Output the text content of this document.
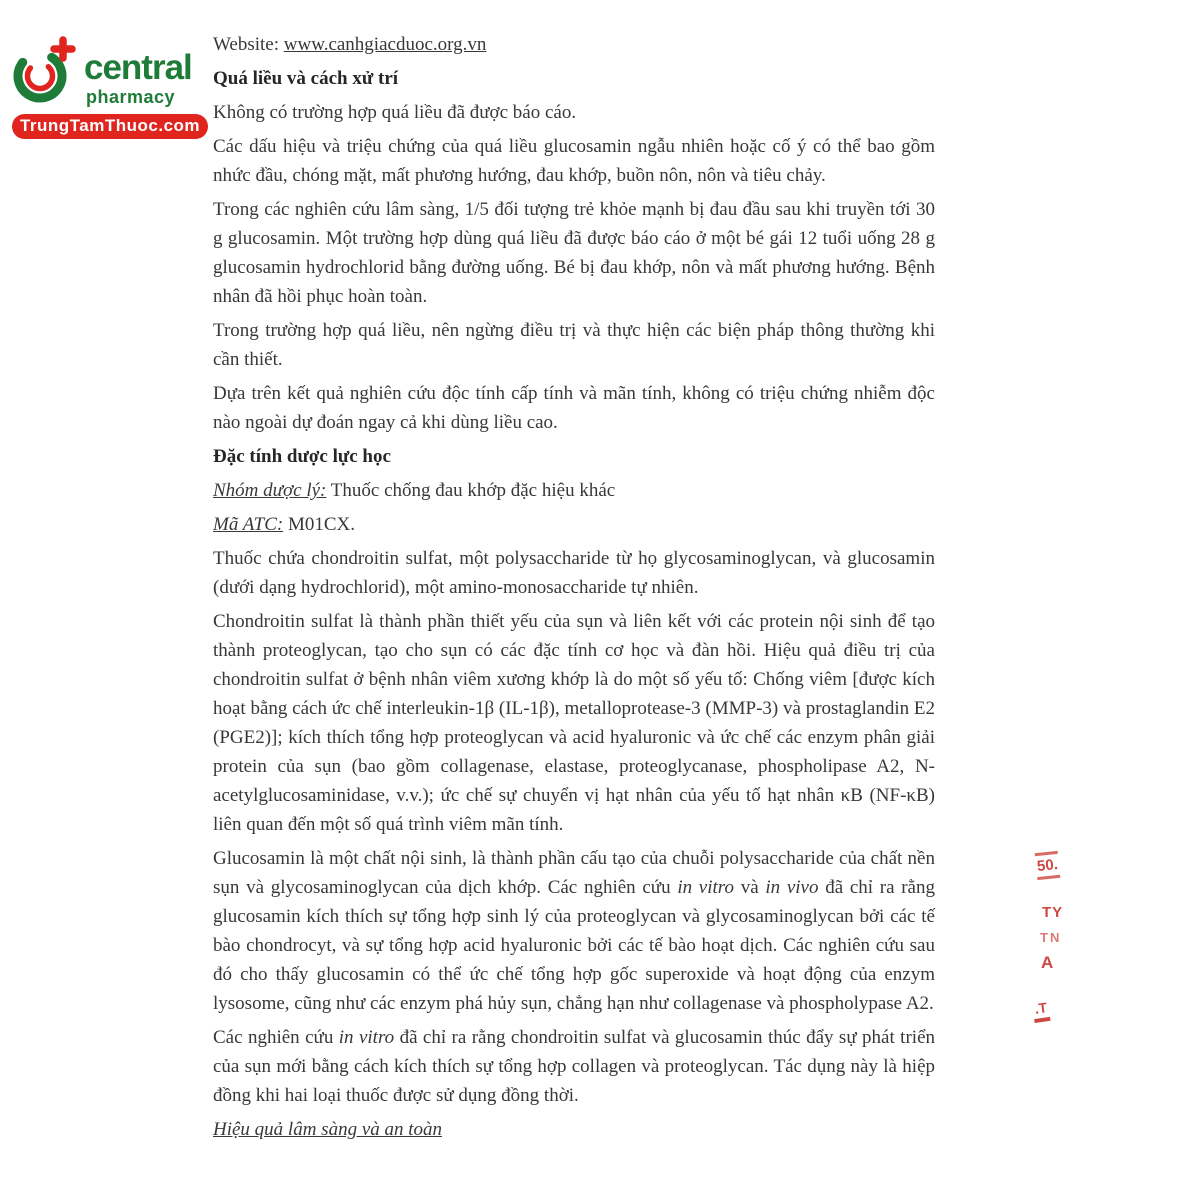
central
pharmacy
TrungTamThuoc.com

Website: www.canhgiacduoc.org.vn

Quá liều và cách xử trí

Không có trường hợp quá liều đã được báo cáo.

Các dấu hiệu và triệu chứng của quá liều glucosamin ngẫu nhiên hoặc cố ý có thể bao gồm nhức đầu, chóng mặt, mất phương hướng, đau khớp, buồn nôn, nôn và tiêu chảy.

Trong các nghiên cứu lâm sàng, 1/5 đối tượng trẻ khỏe mạnh bị đau đầu sau khi truyền tới 30 g glucosamin. Một trường hợp dùng quá liều đã được báo cáo ở một bé gái 12 tuổi uống 28 g glucosamin hydrochlorid bằng đường uống. Bé bị đau khớp, nôn và mất phương hướng. Bệnh nhân đã hồi phục hoàn toàn.

Trong trường hợp quá liều, nên ngừng điều trị và thực hiện các biện pháp thông thường khi cần thiết.

Dựa trên kết quả nghiên cứu độc tính cấp tính và mãn tính, không có triệu chứng nhiễm độc nào ngoài dự đoán ngay cả khi dùng liều cao.

Đặc tính dược lực học

Nhóm dược lý: Thuốc chống đau khớp đặc hiệu khác

Mã ATC: M01CX.

Thuốc chứa chondroitin sulfat, một polysaccharide từ họ glycosaminoglycan, và glucosamin (dưới dạng hydrochlorid), một amino-monosaccharide tự nhiên.

Chondroitin sulfat là thành phần thiết yếu của sụn và liên kết với các protein nội sinh để tạo thành proteoglycan, tạo cho sụn có các đặc tính cơ học và đàn hồi. Hiệu quả điều trị của chondroitin sulfat ở bệnh nhân viêm xương khớp là do một số yếu tố: Chống viêm [được kích hoạt bằng cách ức chế interleukin-1β (IL-1β), metalloprotease-3 (MMP-3) và prostaglandin E2 (PGE2)]; kích thích tổng hợp proteoglycan và acid hyaluronic và ức chế các enzym phân giải protein của sụn (bao gồm collagenase, elastase, proteoglycanase, phospholipase A2, N-acetylglucosaminidase, v.v.); ức chế sự chuyển vị hạt nhân của yếu tố hạt nhân κB (NF-κB) liên quan đến một số quá trình viêm mãn tính.

Glucosamin là một chất nội sinh, là thành phần cấu tạo của chuỗi polysaccharide của chất nền sụn và glycosaminoglycan của dịch khớp. Các nghiên cứu in vitro và in vivo đã chỉ ra rằng glucosamin kích thích sự tổng hợp sinh lý của proteoglycan và glycosaminoglycan bởi các tế bào chondrocyt, và sự tổng hợp acid hyaluronic bởi các tế bào hoạt dịch. Các nghiên cứu sau đó cho thấy glucosamin có thể ức chế tổng hợp gốc superoxide và hoạt động của enzym lysosome, cũng như các enzym phá hủy sụn, chẳng hạn như collagenase và phospholypase A2.

Các nghiên cứu in vitro đã chỉ ra rằng chondroitin sulfat và glucosamin thúc đẩy sự phát triển của sụn mới bằng cách kích thích sự tổng hợp collagen và proteoglycan. Tác dụng này là hiệp đồng khi hai loại thuốc được sử dụng đồng thời.

Hiệu quả lâm sàng và an toàn

50.
TY
TN
A
.T
